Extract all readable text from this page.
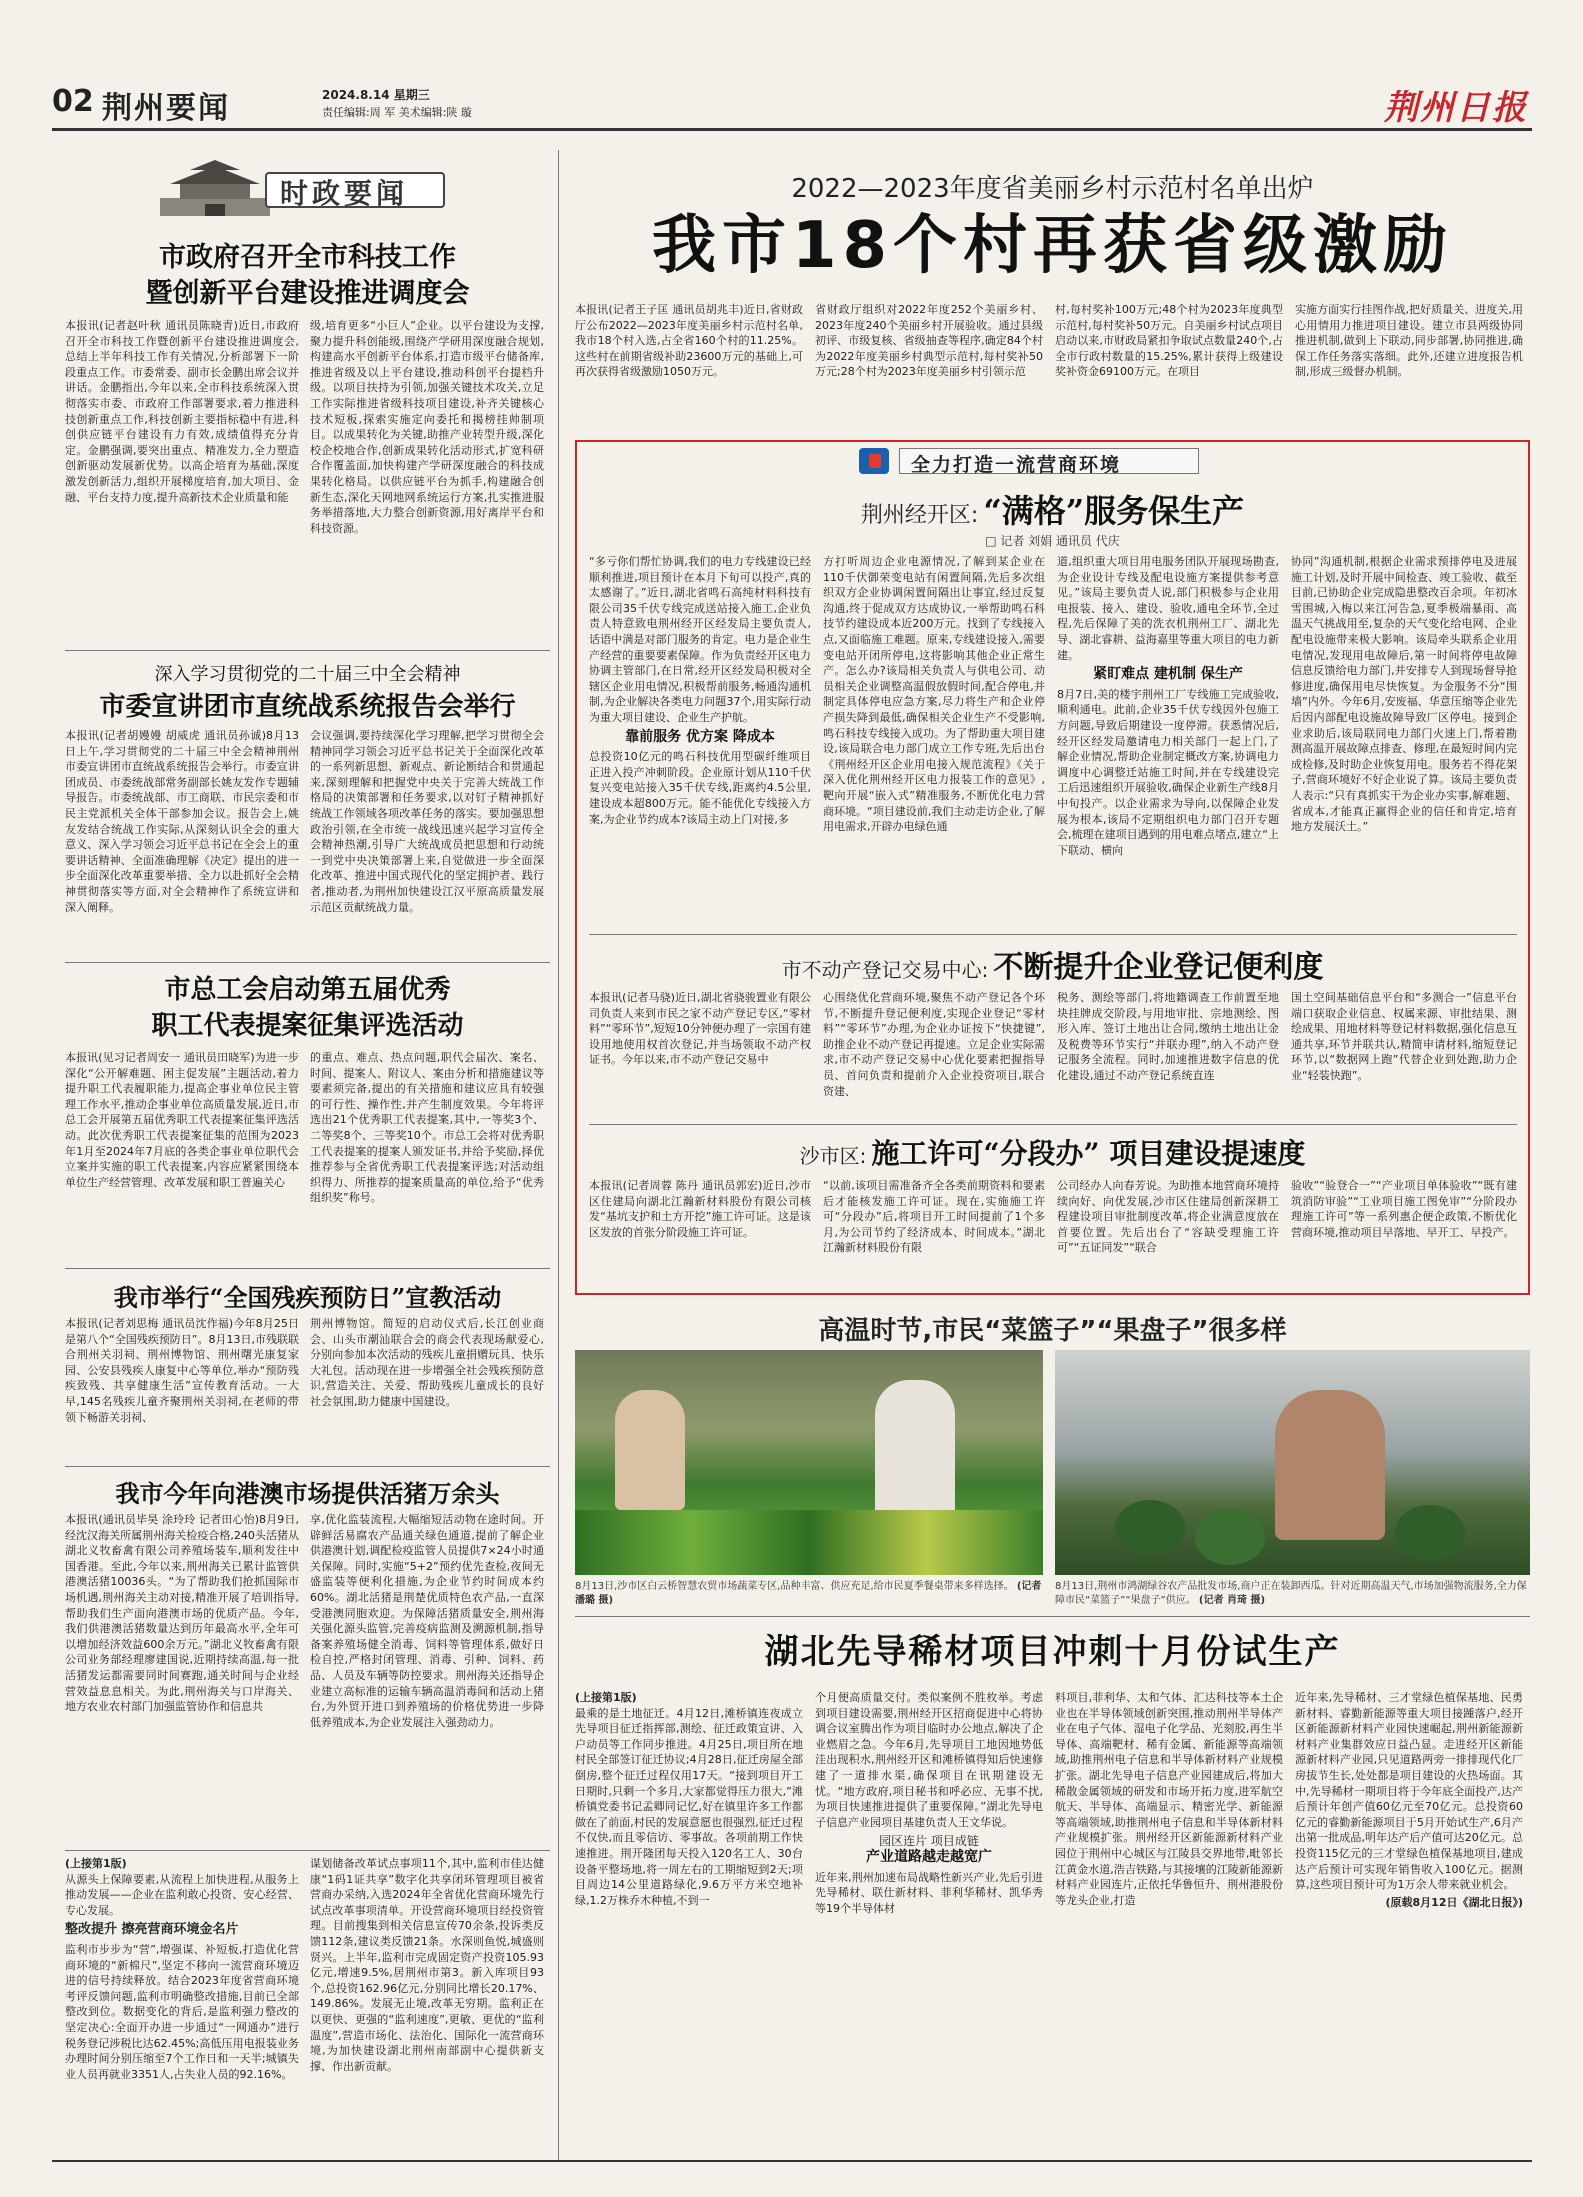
02 荆州要闻	2024.8.14 星期三
责任编辑:周 军 美术编辑:陕 璇	荆州日报
时政要闻
市政府召开全市科技工作
暨创新平台建设推进调度会
本报讯(记者赵叶秋 通讯员陈晓青)近日,市政府召开全市科技工作暨创新平台建设推进调度会,总结上半年科技工作有关情况,分析部署下一阶段重点工作。市委常委、副市长金鹏出席会议并讲话。金鹏指出,今年以来,全市科技系统深入贯彻落实市委、市政府工作部署要求,着力推进科技创新重点工作,科技创新主要指标稳中有进,科创供应链平台建设有力有效,成绩值得充分肯定。金鹏强调,要突出重点、精准发力,全力塑造创新驱动发展新优势。以高企培育为基础,深度激发创新活力,组织开展梯度培育,加大项目、金融、平台支持力度,提升高新技术企业质量和能
级,培育更多“小巨人”企业。以平台建设为支撑,聚力提升科创能级,围绕产学研用深度融合规划,构建高水平创新平台体系,打造市级平台储备库,推进省级及以上平台建设,推动科创平台提档升级。以项目扶持为引领,加强关键技术攻关,立足工作实际推进省级科技项目建设,补齐关键核心技术短板,探索实施定向委托和揭榜挂帅制项目。以成果转化为关键,助推产业转型升级,深化校企校地合作,创新成果转化活动形式,扩宽科研合作覆盖面,加快构建产学研深度融合的科技成果转化格局。以供应链平台为抓手,构建融合创新生态,深化天网地网系统运行方案,扎实推进服务举措落地,大力整合创新资源,用好离岸平台和科技资源。
深入学习贯彻党的二十届三中全会精神
市委宣讲团市直统战系统报告会举行
本报讯(记者胡嫚嫚 胡威虎 通讯员孙诚)8月13日上午,学习贯彻党的二十届三中全会精神荆州市委宣讲团市直统战系统报告会举行。市委宣讲团成员、市委统战部常务副部长姚友发作专题辅导报告。市委统战部、市工商联、市民宗委和市民主党派机关全体干部参加会议。报告会上,姚友发结合统战工作实际,从深刻认识全会的重大意义、深入学习领会习近平总书记在全会上的重要讲话精神、全面准确理解《决定》提出的进一步全面深化改革重要举措、全力以赴抓好全会精神贯彻落实等方面,对全会精神作了系统宣讲和深入阐释。
会议强调,要持续深化学习理解,把学习贯彻全会精神同学习领会习近平总书记关于全面深化改革的一系列新思想、新观点、新论断结合和贯通起来,深刻理解和把握党中央关于完善大统战工作格局的决策部署和任务要求,以对钉子精神抓好统战工作领域各项改革任务的落实。要加强思想政治引领,在全市统一战线迅速兴起学习宣传全会精神热潮,引导广大统战成员把思想和行动统一到党中央决策部署上来,自觉做进一步全面深化改革、推进中国式现代化的坚定拥护者、践行者,推动者,为荆州加快建设江汉平原高质量发展示范区贡献统战力量。
市总工会启动第五届优秀
职工代表提案征集评选活动
本报讯(见习记者周安一 通讯员田晓军)为进一步深化“公开解难题、困主促发展”主题活动,着力提升职工代表履职能力,提高企事业单位民主管理工作水平,推动企事业单位高质量发展,近日,市总工会开展第五届优秀职工代表提案征集评选活动。此次优秀职工代表提案征集的范围为2023年1月至2024年7月底的各类企事业单位职代会立案并实施的职工代表提案,内容应紧紧围绕本单位生产经营管理、改革发展和职工普遍关心
的重点、难点、热点问题,职代会届次、案名、时间、提案人、附议人、案由分析和措施建议等要素须完备,提出的有关措施和建议应具有较强的可行性、操作性,并产生制度效果。今年将评选出21个优秀职工代表提案,其中,一等奖3个、二等奖8个、三等奖10个。市总工会将对优秀职工代表提案的提案人颁发证书,并给予奖励,择优推荐参与全省优秀职工代表提案评选;对活动组织得力、所推荐的提案质量高的单位,给予“优秀组织奖”称号。
我市举行“全国残疾预防日”宣教活动
本报讯(记者刘思梅 通讯员沈作福)今年8月25日是第八个“全国残疾预防日”。8月13日,市残联联合荆州关羽祠、荆州博物馆、荆州曙光康复家园、公安县残疾人康复中心等单位,举办“预防残疾致残、共享健康生活”宣传教育活动。一大早,145名残疾儿童齐聚荆州关羽祠,在老师的带领下畅游关羽祠、
荆州博物馆。简短的启动仪式后,长江创业商会、山头市潮汕联合会的商会代表现场献爱心,分别向参加本次活动的残疾儿童捐赠玩具、快乐大礼包。活动现在进一步增强全社会残疾预防意识,营造关注、关爱、帮助残疾儿童成长的良好社会氛围,助力健康中国建设。
我市今年向港澳市场提供活猪万余头
本报讯(通讯员毕昊 涂玲玲 记者田心怡)8月9日,经沈汉海关所属荆州海关检疫合格,240头活猪从湖北义牧畜禽有限公司养殖场装车,顺利发往中国香港。至此,今年以来,荆州海关已累计监管供港澳活猪10036头。“为了帮助我们抢抓国际市场机遇,荆州海关主动对接,精准开展了培训指导,帮助我们生产面向港澳市场的优质产品。今年,我们供港澳活猪数量达到历年最高水平,全年可以增加经济效益600余万元。”湖北义牧畜禽有限公司业务部经理廖建国说,近期持续高温,每一批活猪发运都需要同时间赛跑,通关时间与企业经营效益息息相关。为此,荆州海关与口岸海关、地方农业农村部门加强监管协作和信息共
享,优化监装流程,大幅缩短活动物在途时间。开辟鲜活易腐农产品通关绿色通道,提前了解企业供港澳计划,调配检疫监管人员提供7×24小时通关保障。同时,实施“5+2”预约优先查检,夜间无盛监装等便利化措施,为企业节约时间成本约60%。湖北活猪是荆楚优质特色农产品,一直深受港澳同胞欢迎。为保障活猪质量安全,荆州海关强化源头监管,完善疫病监测及溯源机制,指导备案养殖场健全消毒、饲料等管理体系,做好日检自控,严格封闭管理、消毒、引种、饲料、药品、人员及车辆等防控要求。荆州海关还指导企业建立高标准的运输车辆高温消毒间和活动上猪台,为外贸开进口到养殖场的价格优势进一步降低养殖成本,为企业发展注入强劲动力。
(上接第1版)
从源头上保障要素,从流程上加快进程,从服务上推动发展——企业在监利敢心投资、安心经营、专心发展。
整改提升 擦亮营商环境金名片
监利市步步为“营”,增强谋、补短板,打造优化营商环境的“新棉尺”,坚定不移向一流营商环境迈进的信号持续释放。结合2023年度省营商环境考评反馈问题,监利市明确整改措施,目前已全部整改到位。数据变化的背后,是监利强力整改的坚定决心:全面开办进一步通过“一网通办”进行税务登记涉税比达62.45%;高低压用电报装业务办理时间分别压缩至7个工作日和一天半;城镇失业人员再就业3351人,占失业人员的92.16%。
谋划储备改革试点事项11个,其中,监利市佳达健康“1码1证共享”数字化共享闭环管理项目被省营商办采纳,入选2024年全省优化营商环境先行试点改革事项清单。开设营商环境项目经投资管理。目前搜集到相关信息宣传70余条,投诉类反馈112条,建议类反馈21条。水深则鱼悦,城盛则贤兴。上半年,监利市完成固定资产投资105.93亿元,增速9.5%,居荆州市第3。新入库项目93个,总投资162.96亿元,分别同比增长20.17%、149.86%。发展无止境,改革无穷期。监利正在以更快、更强的“监利速度”,更敏、更优的“监利温度”,营造市场化、法治化、国际化一流营商环境,为加快建设湖北荆州南部副中心提供新支撑、作出新贡献。
2022—2023年度省美丽乡村示范村名单出炉
我市18个村再获省级激励
本报讯(记者王子匡 通讯员胡兆丰)近日,省财政厅公布2022—2023年度美丽乡村示范村名单,我市18个村入选,占全省160个村的11.25%。这些村在前期省级补助23600万元的基础上,可再次获得省级激励1050万元。
省财政厅组织对2022年度252个美丽乡村、2023年度240个美丽乡村开展验收。通过县级初评、市级复核、省级抽查等程序,确定84个村为2022年度美丽乡村典型示范村,每村奖补50万元;28个村为2023年度美丽乡村引领示范
村,每村奖补100万元;48个村为2023年度典型示范村,每村奖补50万元。自美丽乡村试点项目启动以来,市财政局紧扣争取试点数量240个,占全市行政村数量的15.25%,累计获得上级建设奖补资金69100万元。在项目
实施方面实行挂图作战,把好质量关、进度关,用心用情用力推进项目建设。建立市县两级协同推进机制,做到上下联动,同步部署,协同推进,确保工作任务落实落细。此外,还建立进度报告机制,形成三级督办机制。
全力打造一流营商环境
荆州经开区: “满格”服务保生产
□ 记者 刘娟 通讯员 代庆
“多亏你们帮忙协调,我们的电力专线建设已经顺利推进,项目预计在本月下旬可以投产,真的太感谢了。”近日,湖北省鸣石高纯材料科技有限公司35千伏专线完成送站接入施工,企业负责人特意致电荆州经开区经发局主要负责人,话语中满是对部门服务的肯定。电力是企业生产经营的重要要素保障。作为负责经开区电力协调主管部门,在日常,经开区经发局积极对全辖区企业用电情况,积极帮前服务,畅通沟通机制,为企业解决各类电力问题37个,用实际行动为重大项目建设、企业生产护航。
靠前服务 优方案 降成本
总投资10亿元的鸣石科技优用型碳纤维项目正进入投产冲刺阶段。企业原计划从110千伏复兴变电站接入35千伏专线,距离约4.5公里,建设成本超800万元。能不能优化专线接入方案,为企业节约成本?该局主动上门对接,多
方打听周边企业电源情况,了解到某企业在110千伏御荣变电站有闲置间隔,先后多次组织双方企业协调闲置间隔出让事宜,经过反复沟通,终于促成双方达成协议,一举帮助鸣石科技节约建设成本近200万元。找到了专线接入点,又面临施工难题。原来,专线建设接入,需要变电站开闭所停电,这将影响其他企业正常生产。怎么办?该局相关负责人与供电公司、动员相关企业调整高温假放假时间,配合停电,并制定具体停电应急方案,尽力将生产和企业停产损失降到最低,确保相关企业生产不受影响,鸣石科技专线接入成功。为了帮助重大项目建设,该局联合电力部门成立工作专班,先后出台《荆州经开区企业用电接入规范流程》《关于深入优化荆州经开区电力报装工作的意见》,靶向开展“嵌入式”精准服务,不断优化电力营商环境。“项目建设前,我们主动走访企业,了解用电需求,开辟办电绿色通
道,组织重大项目用电服务团队开展现场勘查,为企业设计专线及配电设施方案提供参考意见。”该局主要负责人说,部门积极参与企业用电报装、接入、建设、验收,通电全环节,全过程,先后保障了美的洗衣机荆州工厂、湖北先导、湖北睿耕、益海嘉里等重大项目的电力新建。
紧盯难点 建机制 保生产
8月7日,美的楼宇荆州工厂专线施工完成验收,顺利通电。此前,企业35千伏专线因外包施工方问题,导致后期建设一度停滞。获悉情况后,经开区经发局邀请电力相关部门一起上门,了解企业情况,帮助企业制定概改方案,协调电力调度中心调整迁站施工时间,并在专线建设完工后迅速组织开展验收,确保企业新生产线8月中旬投产。以企业需求为导向,以保障企业发展为根本,该局不定期组织电力部门召开专题会,梳理在建项目遇到的用电难点堵点,建立“上下联动、横向
协同”沟通机制,根据企业需求预排停电及进展施工计划,及时开展中间检查、竣工验收、截至目前,已协助企业完成隐患整改百余项。年初冰雪围城,入梅以来江河告急,夏季极端暴雨、高温天气挑战用至,复杂的天气变化给电网、企业配电设施带来极大影响。该局牵头联系企业用电情况,发现用电故障后,第一时间将停电故障信息反馈给电力部门,并安排专人到现场督导抢修进度,确保用电尽快恢复。为金服务不分“围墙”内外。今年6月,安废福、华意压缩等企业先后因内部配电设施故障导致厂区停电。接到企业求助后,该局联同电力部门火速上门,帮着勘测高温开展故障点排查、修理,在最短时间内完成检修,及时助企业恢复用电。服务若不得花架子,营商环境好不好企业说了算。该局主要负责人表示:“只有真抓实干为企业办实事,解难题、省成本,才能真正赢得企业的信任和肯定,培育地方发展沃土。”
市不动产登记交易中心: 不断提升企业登记便利度
本报讯(记者马骁)近日,湖北省骁骏置业有限公司负责人来到市民之家不动产登记专区,“零材料”“零环节”,短短10分钟便办理了一宗国有建设用地使用权首次登记,并当场领取不动产权证书。今年以来,市不动产登记交易中
心围绕优化营商环境,聚焦不动产登记各个环节,不断提升登记便利度,实现企业登记“零材料”“零环节”办理,为企业办证按下“快捷键”,助推企业不动产登记再提速。立足企业实际需求,市不动产登记交易中心优化要素把握指导员、首问负责和提前介入企业投资项目,联合资建、
税务、测绘等部门,将地籍调查工作前置至地块挂牌成交阶段,与用地审批、宗地测绘、图形入库、签订土地出让合同,缴纳土地出让金及税费等环节实行“并联办理”,纳入不动产登记服务全流程。同时,加速推进数字信息的优化建设,通过不动产登记系统直连
国土空间基础信息平台和“多测合一”信息平台端口获取企业信息、权属来源、审批结果、测绘成果、用地材料等登记材料数据,强化信息互通共享,环节并联共认,精简申请材料,缩短登记环节,以“数据网上跑”代替企业到处跑,助力企业“轻装快跑”。
沙市区: 施工许可“分段办” 项目建设提速度
本报讯(记者周蓉 陈丹 通讯员郭宏)近日,沙市区住建局向湖北江瀚新材料股份有限公司核发“基坑支护和土方开挖”施工许可证。这是该区发放的首张分阶段施工许可证。
“以前,该项目需准备齐全各类前期资料和要素后才能核发施工许可证。现在,实施施工许可“分段办”后,将项目开工时间提前了1个多月,为公司节约了经济成本、时间成本。”湖北江瀚新材料股份有限
公司经办人向春芳说。为助推本地营商环境持续向好、向优发展,沙市区住建局创新深耕工程建设项目审批制度改革,将企业满意度放在首要位置。先后出台了“容缺受理施工许可”“五证同发”“联合
验收”“验登合一”“产业项目单体验收”“既有建筑消防审验”“工业项目施工图免审”“分阶段办理施工许可”等一系列惠企便企政策,不断优化营商环境,推动项目早落地、早开工、早投产。
高温时节,市民“菜篮子”“果盘子”很多样
8月13日,沙市区白云桥智慧农贸市场蔬菜专区,品种丰富、供应充足,给市民夏季餐桌带来多样选择。 (记者 潘璐 摄)
8月13日,荆州市鸿湖绿谷农产品批发市场,商户正在装卸西瓜。针对近期高温天气,市场加强物流服务,全力保障市民“菜篮子”“果盘子”供应。 (记者 肖琦 摄)
湖北先导稀材项目冲刺十月份试生产
(上接第1版)
最乘的是土地征迁。4月12日,滩桥镇连夜成立先导项目征迁指挥部,测绘、征迁政策宣讲、入户动员等工作同步推进。4月25日,项目所在地村民全部签订征迁协议;4月28日,征迁房屋全部倒房,整个征迁过程仅用17天。“接到项目开工日期时,只剩一个多月,大家都觉得压力很大,”滩桥镇党委书记孟卿同记忆,好在镇里许多工作都做在了前面,村民的发展意愿也很强烈,征迁过程不仅快,而且零信访、零事故。各项前期工作快速推进。荆开隆团每天投入120名工人、30台设备平整场地,将一周左右的工期缩短到2天;项目周边14公里道路绿化,9.6万平方米空地补绿,1.2万株乔木种植,不到一
个月便高质量交付。类似案例不胜枚举。考虑到项目建设需要,荆州经开区招商促进中心将协调合议室腾出作为项目临时办公地点,解决了企业燃眉之急。今年6月,先导项目工地因地势低洼出现积水,荆州经开区和滩桥镇得知后快速修建了一道排水渠,确保项目在讯期建设无忧。“地方政府,项目秘书和呼必应、无事不扰,为项目快速推进提供了重要保障。”湖北先导电子信息产业园项目基建负责人王文华说。
园区连片 项目成链
产业道路越走越宽广
近年来,荆州加速布局战略性新兴产业,先后引进先导稀材、联仕新材料、菲利华稀材、凯华秀等19个半导体材
料项目,菲利华、太和气体、汇达科技等本土企业也在半导体领域创新突围,推动荆州半导体产业在电子气体、湿电子化学品、光刻胶,再生半导体、高端靶材、稀有金属、新能源等高端领域,助推荆州电子信息和半导体新材料产业规模扩张。湖北先导电子信息产业园建成后,将加大稀散金属领域的研发和市场开拓力度,进军航空航天、半导体、高端显示、精密光学、新能源等高端领域,助推荆州电子信息和半导体新材料产业规模扩张。荆州经开区新能源新材料产业园位于荆州中心城区与江陵县交界地带,毗邻长江黄金水道,浩吉铁路,与其接壤的江陵新能源新材料产业园连片,正依托华鲁恒升、荆州港股份等龙头企业,打造
近年来,先导稀材、三才堂绿色植保基地、民勇新材料、睿勤新能源等重大项目接踵落户,经开区新能源新材料产业园快速崛起,荆州新能源新材料产业集群效应日益凸显。走进经开区新能源新材料产业园,只见道路两旁一排排现代化厂房拔节生长,处处都是项目建设的火热场面。其中,先导稀材一期项目将于今年底全面投产,达产后预计年创产值60亿元至70亿元。总投资60亿元的睿勤新能源项目于5月开始试生产,6月产出第一批成品,明年达产后产值可达20亿元。总投资115亿元的三才堂绿色植保基地项目,建成达产后预计可实现年销售收入100亿元。据测算,这些项目预计可为1万余人带来就业机会。
(原载8月12日《湖北日报》)
